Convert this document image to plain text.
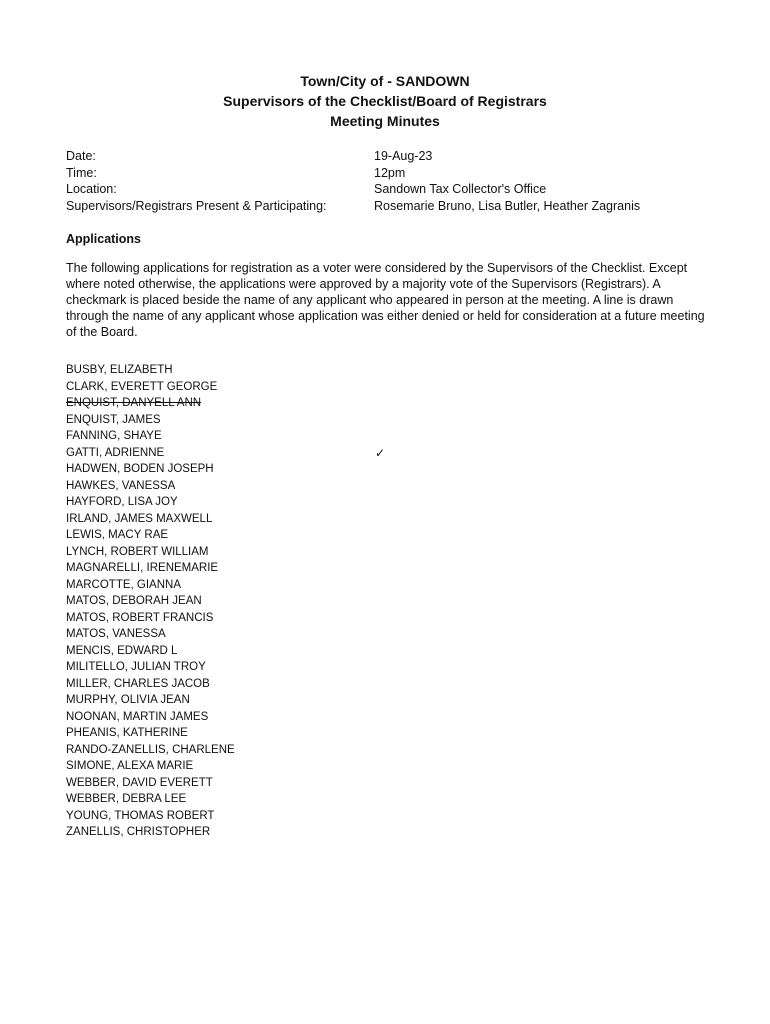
Town/City of - SANDOWN
Supervisors of the Checklist/Board of Registrars
Meeting Minutes
Date:	19-Aug-23
Time:	12pm
Location:	Sandown Tax Collector's Office
Supervisors/Registrars Present & Participating:	Rosemarie Bruno, Lisa Butler, Heather Zagranis
Applications
The following applications for registration as a voter were considered by the Supervisors of the Checklist. Except where noted otherwise, the applications were approved by a majority vote of the Supervisors (Registrars). A checkmark is placed beside the name of any applicant who appeared in person at the meeting. A line is drawn through the name of any applicant whose application was either denied or held for consideration at a future meeting of the Board.
BUSBY, ELIZABETH
CLARK, EVERETT GEORGE
ENQUIST, DANYELL ANN
ENQUIST, JAMES
FANNING, SHAYE
GATTI, ADRIENNE	✓
HADWEN, BODEN JOSEPH
HAWKES, VANESSA
HAYFORD, LISA JOY
IRLAND, JAMES MAXWELL
LEWIS, MACY RAE
LYNCH, ROBERT WILLIAM
MAGNARELLI, IRENEMARIE
MARCOTTE, GIANNA
MATOS, DEBORAH JEAN
MATOS, ROBERT FRANCIS
MATOS, VANESSA
MENCIS, EDWARD L
MILITELLO, JULIAN TROY
MILLER, CHARLES JACOB
MURPHY, OLIVIA JEAN
NOONAN, MARTIN JAMES
PHEANIS, KATHERINE
RANDO-ZANELLIS, CHARLENE
SIMONE, ALEXA MARIE
WEBBER, DAVID EVERETT
WEBBER, DEBRA LEE
YOUNG, THOMAS ROBERT
ZANELLIS, CHRISTOPHER
